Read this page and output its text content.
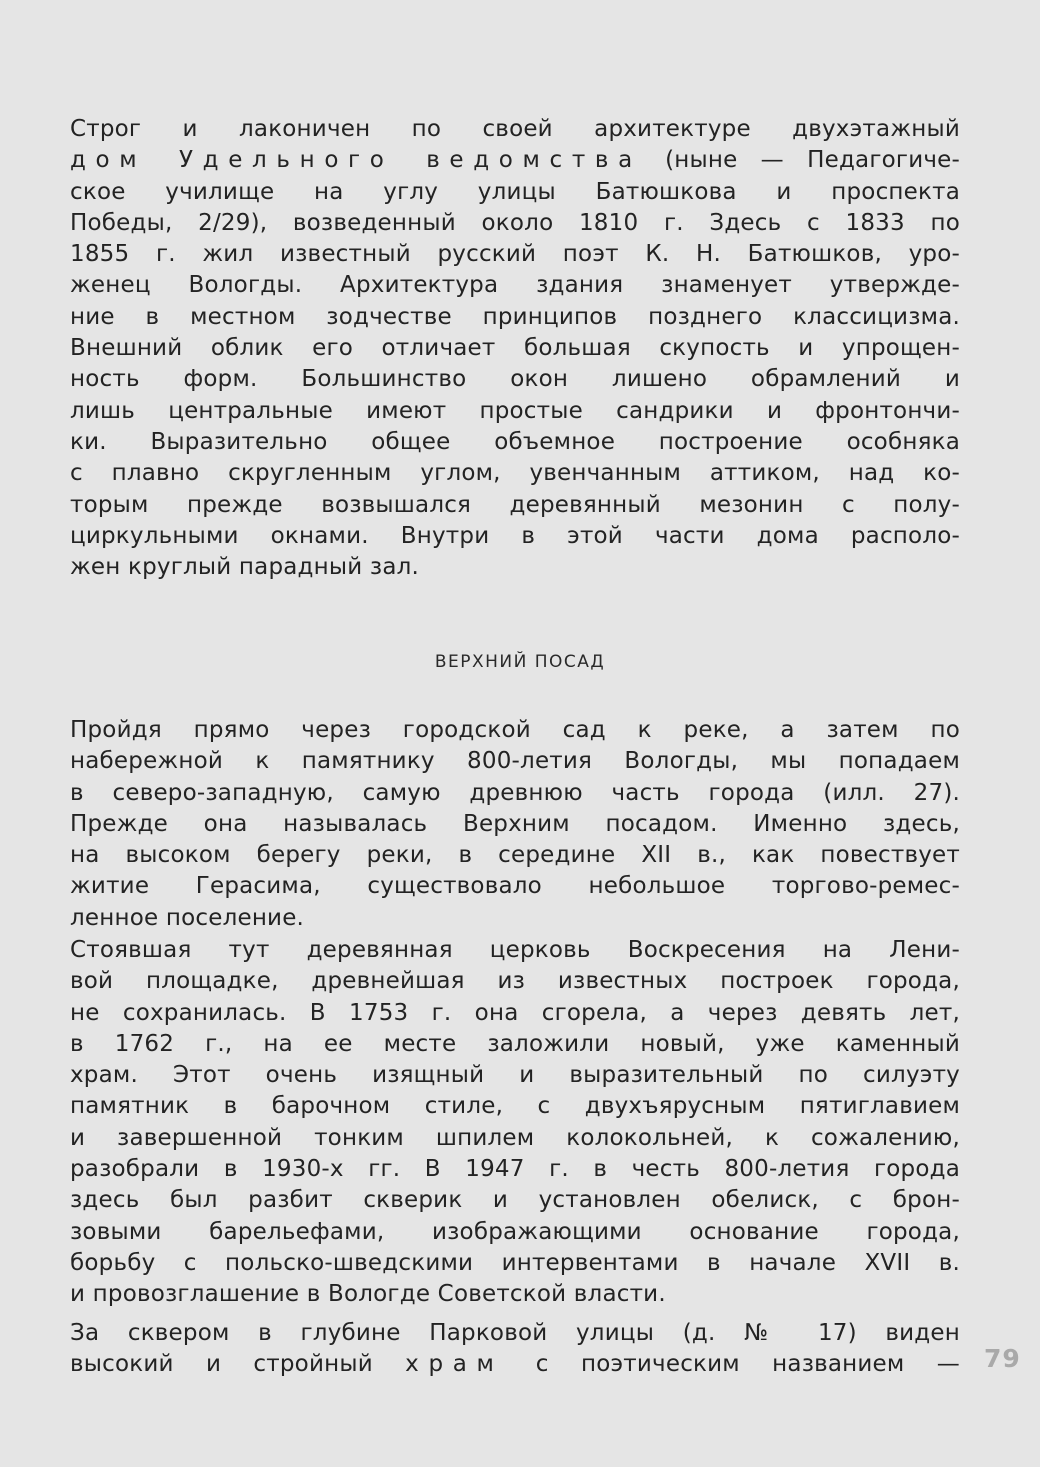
Строг и лаконичен по своей архитектуре двухэтажный
дом Удельного ведомства (ныне — Педагогиче-
ское училище на углу улицы Батюшкова и проспекта
Победы, 2/29), возведенный около 1810 г. Здесь с 1833 по
1855 г. жил известный русский поэт К. Н. Батюшков, уро-
женец Вологды. Архитектура здания знаменует утвержде-
ние в местном зодчестве принципов позднего классицизма.
Внешний облик его отличает большая скупость и упрощен-
ность форм. Большинство окон лишено обрамлений и
лишь центральные имеют простые сандрики и фронтончи-
ки. Выразительно общее объемное построение особняка
с плавно скругленным углом, увенчанным аттиком, над ко-
торым прежде возвышался деревянный мезонин с полу-
циркульными окнами. Внутри в этой части дома располо-
жен круглый парадный зал.
ВЕРХНИЙ ПОСАД
Пройдя прямо через городской сад к реке, а затем по
набережной к памятнику 800-летия Вологды, мы попадаем
в северо-западную, самую древнюю часть города (илл. 27).
Прежде она называлась Верхним посадом. Именно здесь,
на высоком берегу реки, в середине XII в., как повествует
житие Герасима, существовало небольшое торгово-ремес-
ленное поселение.
Стоявшая тут деревянная церковь Воскресения на Лени-
вой площадке, древнейшая из известных построек города,
не сохранилась. В 1753 г. она сгорела, а через девять лет,
в 1762 г., на ее месте заложили новый, уже каменный
храм. Этот очень изящный и выразительный по силуэту
памятник в барочном стиле, с двухъярусным пятиглавием
и завершенной тонким шпилем колокольней, к сожалению,
разобрали в 1930-х гг. В 1947 г. в честь 800-летия города
здесь был разбит скверик и установлен обелиск, с брон-
зовыми барельефами, изображающими основание города,
борьбу с польско-шведскими интервентами в начале XVII в.
и провозглашение в Вологде Советской власти.
За сквером в глубине Парковой улицы (д. № 17) виден
высокий и стройный храм с поэтическим названием — 79
